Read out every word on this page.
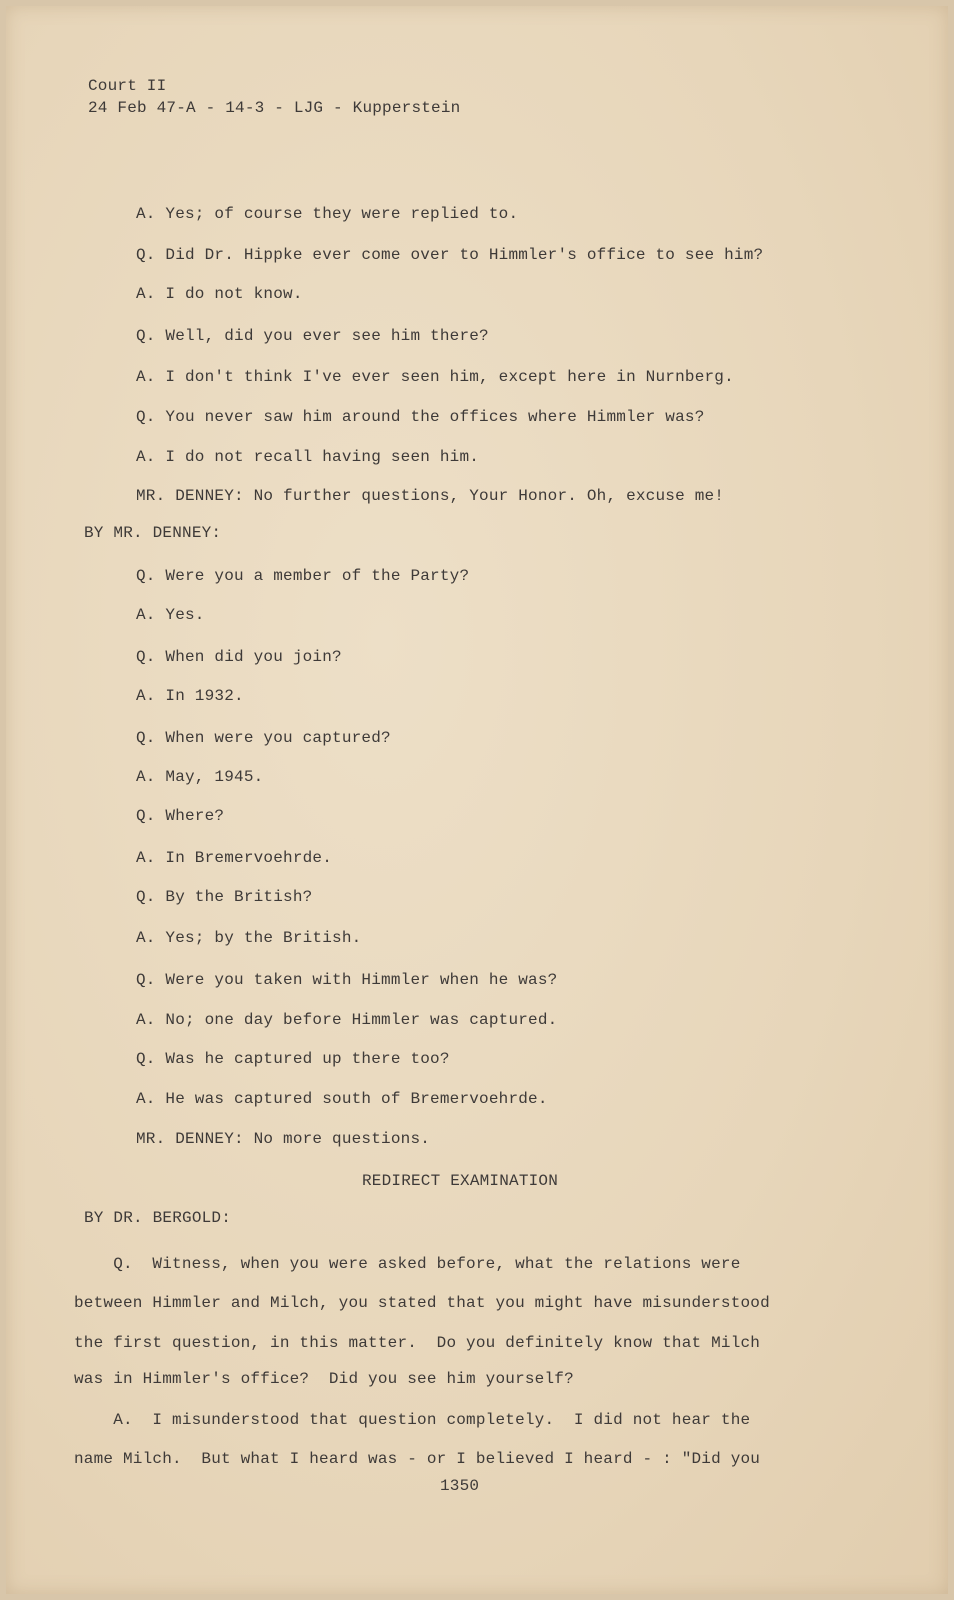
Court II
24 Feb 47-A - 14-3 - LJG - Kupperstein
A. Yes; of course they were replied to.
Q. Did Dr. Hippke ever come over to Himmler's office to see him?
A. I do not know.
Q. Well, did you ever see him there?
A. I don't think I've ever seen him, except here in Nurnberg.
Q. You never saw him around the offices where Himmler was?
A. I do not recall having seen him.
MR. DENNEY: No further questions, Your Honor. Oh, excuse me!
BY MR. DENNEY:
Q. Were you a member of the Party?
A. Yes.
Q. When did you join?
A. In 1932.
Q. When were you captured?
A. May, 1945.
Q. Where?
A. In Bremervoehrde.
Q. By the British?
A. Yes; by the British.
Q. Were you taken with Himmler when he was?
A. No; one day before Himmler was captured.
Q. Was he captured up there too?
A. He was captured south of Bremervoehrde.
MR. DENNEY: No more questions.
REDIRECT EXAMINATION
BY DR. BERGOLD:
Q.  Witness, when you were asked before, what the relations were
between Himmler and Milch, you stated that you might have misunderstood
the first question, in this matter.  Do you definitely know that Milch
was in Himmler's office?  Did you see him yourself?
A.  I misunderstood that question completely.  I did not hear the
name Milch.  But what I heard was - or I believed I heard - : "Did you
1350
